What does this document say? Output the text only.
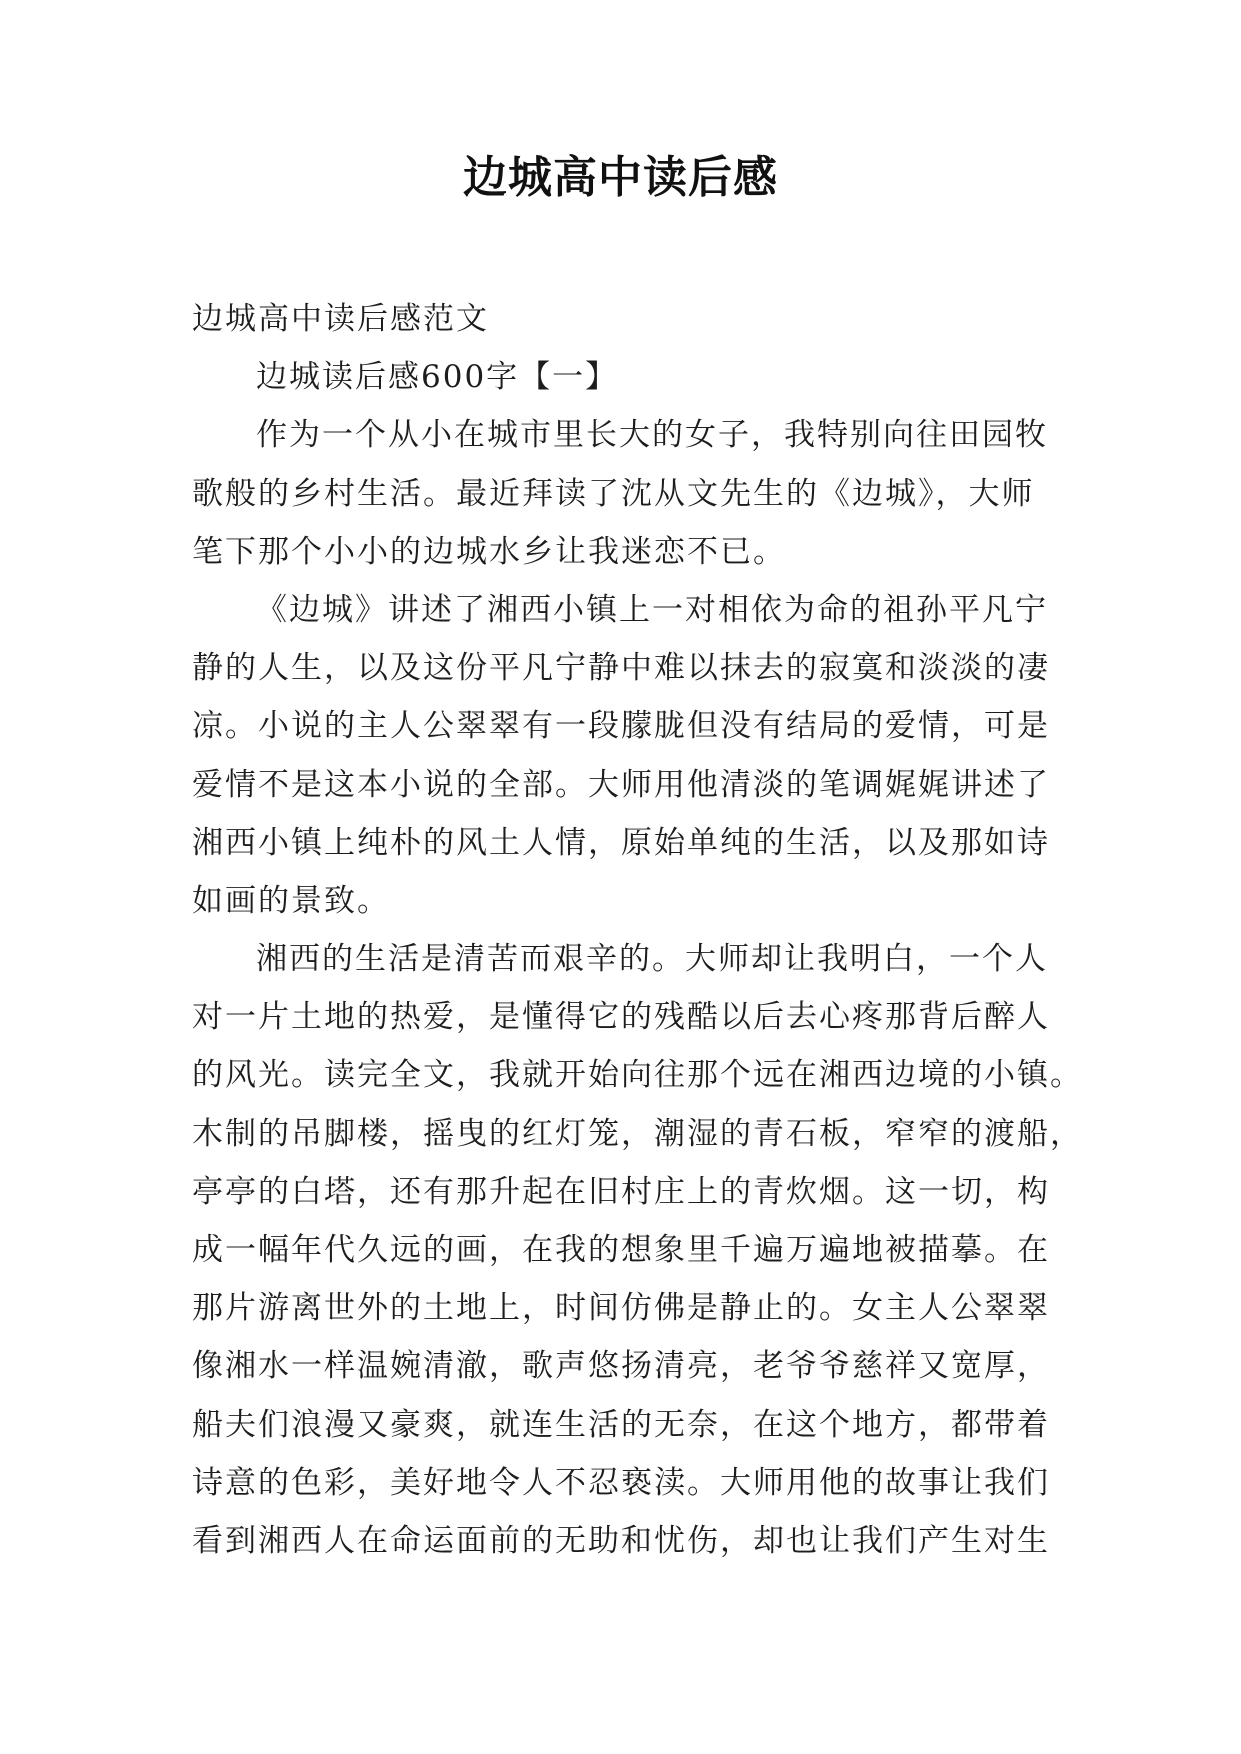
边城高中读后感
边城高中读后感范文
边城读后感600字【一】
作为一个从小在城市里长大的女子，我特别向往田园牧
歌般的乡村生活。最近拜读了沈从文先生的《边城》，大师
笔下那个小小的边城水乡让我迷恋不已。
《边城》讲述了湘西小镇上一对相依为命的祖孙平凡宁
静的人生，以及这份平凡宁静中难以抹去的寂寞和淡淡的凄
凉。小说的主人公翠翠有一段朦胧但没有结局的爱情，可是
爱情不是这本小说的全部。大师用他清淡的笔调娓娓讲述了
湘西小镇上纯朴的风土人情，原始单纯的生活，以及那如诗
如画的景致。
湘西的生活是清苦而艰辛的。大师却让我明白，一个人
对一片土地的热爱，是懂得它的残酷以后去心疼那背后醉人
的风光。读完全文，我就开始向往那个远在湘西边境的小镇。
木制的吊脚楼，摇曳的红灯笼，潮湿的青石板，窄窄的渡船，
亭亭的白塔，还有那升起在旧村庄上的青炊烟。这一切，构
成一幅年代久远的画，在我的想象里千遍万遍地被描摹。在
那片游离世外的土地上，时间仿佛是静止的。女主人公翠翠
像湘水一样温婉清澈，歌声悠扬清亮，老爷爷慈祥又宽厚，
船夫们浪漫又豪爽，就连生活的无奈，在这个地方，都带着
诗意的色彩，美好地令人不忍亵渎。大师用他的故事让我们
看到湘西人在命运面前的无助和忧伤，却也让我们产生对生
